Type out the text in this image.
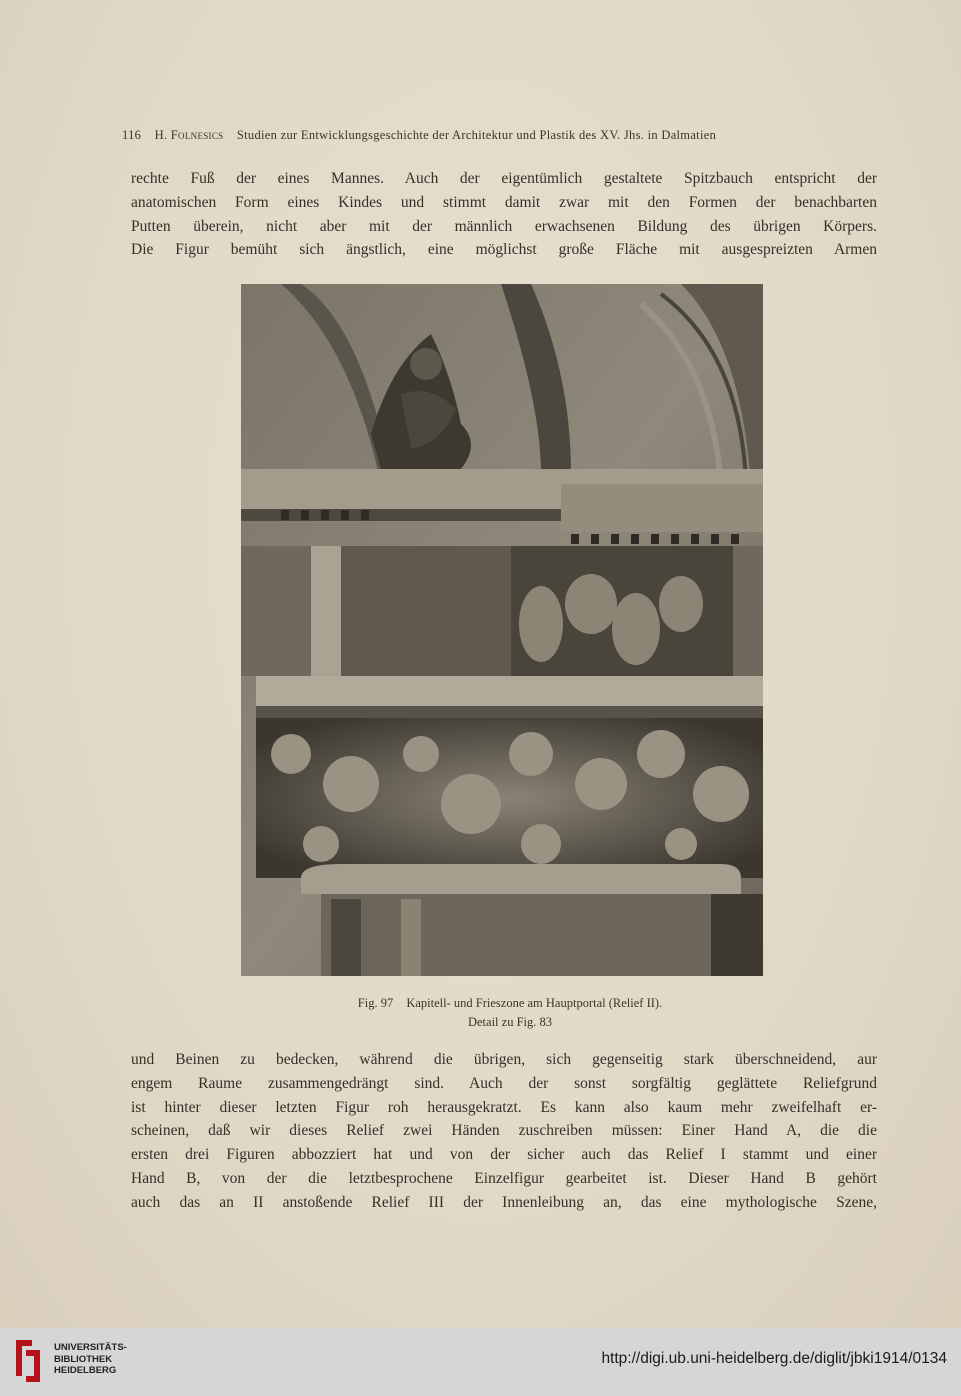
116 H. Folnesics Studien zur Entwicklungsgeschichte der Architektur und Plastik des XV. Jhs. in Dalmatien
rechte Fuß der eines Mannes. Auch der eigentümlich gestaltete Spitzbauch entspricht der
anatomischen Form eines Kindes und stimmt damit zwar mit den Formen der benachbarten
Putten überein, nicht aber mit der männlich erwachsenen Bildung des übrigen Körpers.
Die Figur bemüht sich ängstlich, eine möglichst große Fläche mit ausgespreizten Armen
Fig. 97 Kapitell- und Frieszone am Hauptportal (Relief II).
Detail zu Fig. 83
und Beinen zu bedecken, während die übrigen, sich gegenseitig stark überschneidend, aur
engem Raume zusammengedrängt sind. Auch der sonst sorgfältig geglättete Reliefgrund
ist hinter dieser letzten Figur roh herausgekratzt. Es kann also kaum mehr zweifelhaft er-
scheinen, daß wir dieses Relief zwei Händen zuschreiben müssen: Einer Hand A, die die
ersten drei Figuren abbozziert hat und von der sicher auch das Relief I stammt und einer
Hand B, von der die letztbesprochene Einzelfigur gearbeitet ist. Dieser Hand B gehört
auch das an II anstoßende Relief III der Innenleibung an, das eine mythologische Szene,
UNIVERSITÄTS-
BIBLIOTHEK
HEIDELBERG
http://digi.ub.uni-heidelberg.de/diglit/jbki1914/0134
